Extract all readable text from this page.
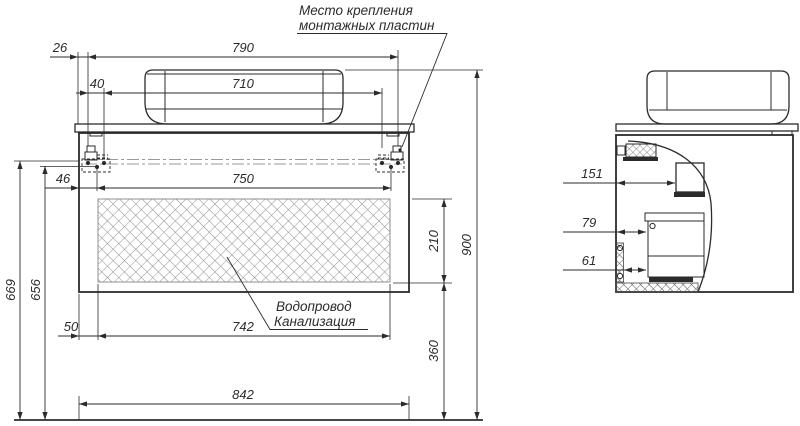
26	790
40	710
46	750
50	742
842
669 656
900
210
360
151
79
61
Место крепления
монтажных пластин
Водопровод
Канализация
